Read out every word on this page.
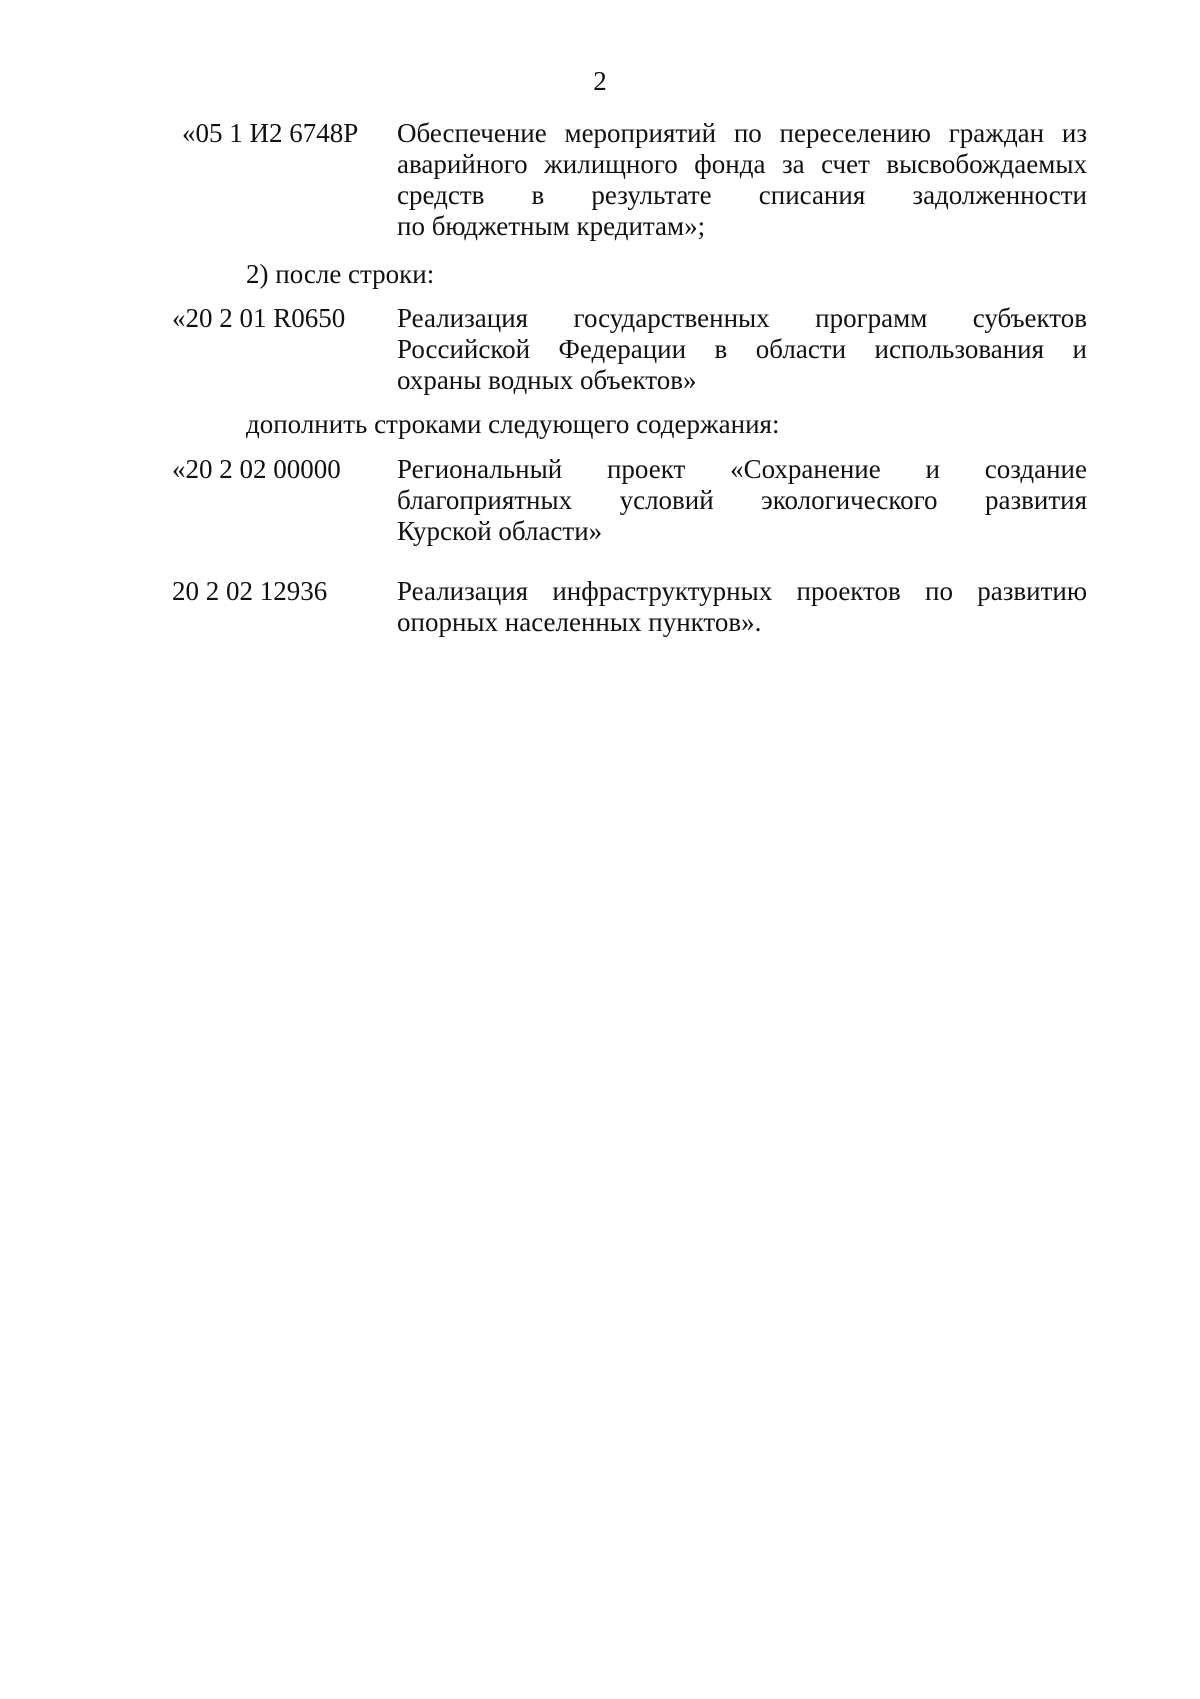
2
«05 1 И2 6748Р Обеспечение мероприятий по переселению граждан из
аварийного жилищного фонда за счет высвобождаемых
средств в результате списания задолженности
по бюджетным кредитам»;
2) после строки:
«20 2 01 R0650 Реализация государственных программ субъектов
Российской Федерации в области использования и
охраны водных объектов»
дополнить строками следующего содержания:
«20 2 02 00000 Региональный проект «Сохранение и создание
благоприятных условий экологического развития
Курской области»
20 2 02 12936	Реализация инфраструктурных проектов по развитию
опорных населенных пунктов».
